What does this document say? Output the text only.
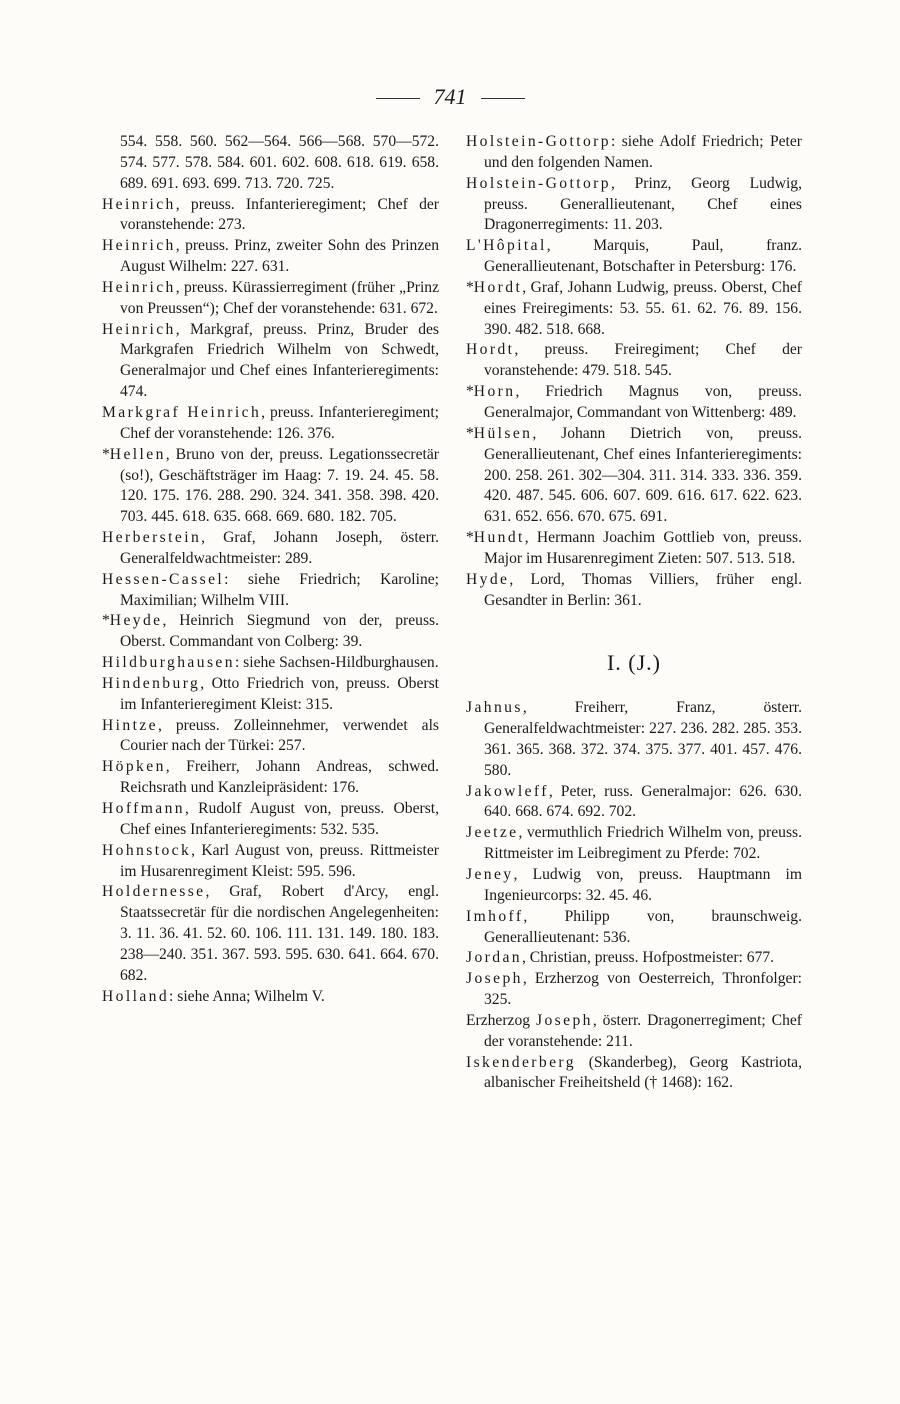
741

554. 558. 560. 562—564. 566—568. 570—572. 574. 577. 578. 584. 601. 602. 608. 618. 619. 658. 689. 691. 693. 699. 713. 720. 725.

Heinrich, preuss. Infanterieregiment; Chef der voranstehende: 273.

Heinrich, preuss. Prinz, zweiter Sohn des Prinzen August Wilhelm: 227. 631.

Heinrich, preuss. Kürassierregiment (früher „Prinz von Preussen“); Chef der voranstehende: 631. 672.

Heinrich, Markgraf, preuss. Prinz, Bruder des Markgrafen Friedrich Wilhelm von Schwedt, Generalmajor und Chef eines Infanterieregiments: 474.

Markgraf Heinrich, preuss. Infanterieregiment; Chef der voranstehende: 126. 376.

*Hellen, Bruno von der, preuss. Legationssecretär (so!), Geschäftsträger im Haag: 7. 19. 24. 45. 58. 120. 175. 176. 288. 290. 324. 341. 358. 398. 420. 703. 445. 618. 635. 668. 669. 680. 182. 705.

Herberstein, Graf, Johann Joseph, österr. Generalfeldwachtmeister: 289.

Hessen-Cassel: siehe Friedrich; Karoline; Maximilian; Wilhelm VIII.

*Heyde, Heinrich Siegmund von der, preuss. Oberst. Commandant von Colberg: 39.

Hildburghausen: siehe Sachsen-Hildburghausen.

Hindenburg, Otto Friedrich von, preuss. Oberst im Infanterieregiment Kleist: 315.

Hintze, preuss. Zolleinnehmer, verwendet als Courier nach der Türkei: 257.

Höpken, Freiherr, Johann Andreas, schwed. Reichsrath und Kanzleipräsident: 176.

Hoffmann, Rudolf August von, preuss. Oberst, Chef eines Infanterieregiments: 532. 535.

Hohnstock, Karl August von, preuss. Rittmeister im Husarenregiment Kleist: 595. 596.

Holdernesse, Graf, Robert d'Arcy, engl. Staatssecretär für die nordischen Angelegenheiten: 3. 11. 36. 41. 52. 60. 106. 111. 131. 149. 180. 183. 238—240. 351. 367. 593. 595. 630. 641. 664. 670. 682.

Holland: siehe Anna; Wilhelm V.

Holstein-Gottorp: siehe Adolf Friedrich; Peter und den folgenden Namen.

Holstein-Gottorp, Prinz, Georg Ludwig, preuss. Generallieutenant, Chef eines Dragonerregiments: 11. 203.

L'Hôpital, Marquis, Paul, franz. Generallieutenant, Botschafter in Petersburg: 176.

*Hordt, Graf, Johann Ludwig, preuss. Oberst, Chef eines Freiregiments: 53. 55. 61. 62. 76. 89. 156. 390. 482. 518. 668.

Hordt, preuss. Freiregiment; Chef der voranstehende: 479. 518. 545.

*Horn, Friedrich Magnus von, preuss. Generalmajor, Commandant von Wittenberg: 489.

*Hülsen, Johann Dietrich von, preuss. Generallieutenant, Chef eines Infanterieregiments: 200. 258. 261. 302—304. 311. 314. 333. 336. 359. 420. 487. 545. 606. 607. 609. 616. 617. 622. 623. 631. 652. 656. 670. 675. 691.

*Hundt, Hermann Joachim Gottlieb von, preuss. Major im Husarenregiment Zieten: 507. 513. 518.

Hyde, Lord, Thomas Villiers, früher engl. Gesandter in Berlin: 361.

I. (J.)

Jahnus, Freiherr, Franz, österr. Generalfeldwachtmeister: 227. 236. 282. 285. 353. 361. 365. 368. 372. 374. 375. 377. 401. 457. 476. 580.

Jakowleff, Peter, russ. Generalmajor: 626. 630. 640. 668. 674. 692. 702.

Jeetze, vermuthlich Friedrich Wilhelm von, preuss. Rittmeister im Leibregiment zu Pferde: 702.

Jeney, Ludwig von, preuss. Hauptmann im Ingenieurcorps: 32. 45. 46.

Imhoff, Philipp von, braunschweig. Generallieutenant: 536.

Jordan, Christian, preuss. Hofpostmeister: 677.

Joseph, Erzherzog von Oesterreich, Thronfolger: 325.

Erzherzog Joseph, österr. Dragonerregiment; Chef der voranstehende: 211.

Iskenderberg (Skanderbeg), Georg Kastriota, albanischer Freiheitsheld († 1468): 162.
